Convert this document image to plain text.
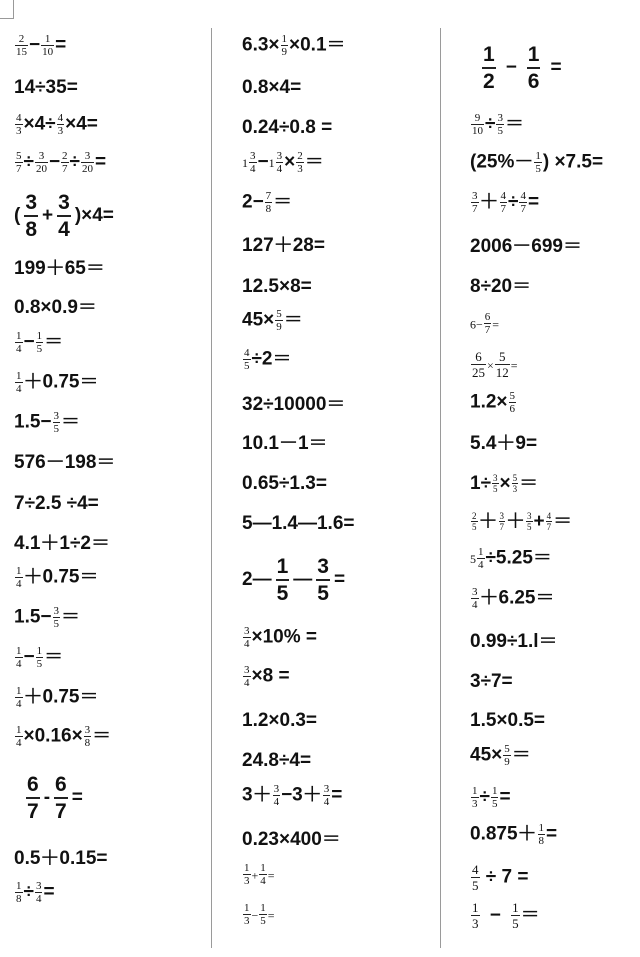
$\frac{2}{15} - \frac{1}{10}$ =
14÷35=
$\frac{4}{3} \times 4\div \frac{4}{3} \times 4=$
$\frac{5}{7} \div \frac{3}{20} - \frac{2}{7} \div \frac{3}{20}$ =
( $\frac{3}{8} + \frac{3}{4} )\times 4=$
199＋65＝
0.8×0.9＝
$\frac{1}{4} - \frac{1}{5}$ ＝
$\frac{1}{4} +0.75=$
$1.5- \frac{3}{5}$ ＝
576－198＝
7÷2.5 ÷4=
4.1＋1÷2＝
$\frac{1}{4} +0.75=$
$1.5- \frac{3}{5}$ ＝
$\frac{1}{4} - \frac{1}{5}$ ＝
$\frac{1}{4} +0.75=$
$\frac{1}{4} \times 0.16\times \frac{3}{8}$ ＝
$\frac{6}{7} - \frac{6}{7}$ =
0.5＋0.15=
$\frac{1}{8} \div \frac{3}{4}$ =
$6.3\times \frac{1}{9} \times 0.1=$
0.8×4=
0.24÷0.8 =
$1 \frac{3}{4} - 1 \frac{3}{4} \times \frac{2}{3}$ ＝
$2- \frac{7}{8}$ ＝
127＋28=
12.5×8=
$45\times \frac{5}{9}$ ＝
$\frac{4}{5} \div 2=$
32÷10000＝
10.1－1＝
0.65÷1.3=
5—1.4—1.6=
2— $\frac{1}{5}$ — $\frac{3}{5}$ =
$\frac{3}{4} \times 10\%$ =
$\frac{3}{4} \times 8$ =
1.2×0.3=
24.8÷4=
$3+ \frac{3}{4} -3+ \frac{3}{4}$ =
0.23×400＝
$\frac{1}{3} + \frac{1}{4}$ =
$\frac{1}{3} - \frac{1}{5}$ =
$\frac{1}{2} - \frac{1}{6}$ =
$\frac{9}{10} \div \frac{3}{5}$ ＝
($25\%- \frac{1}{5}$ ) ×7.5=
$\frac{3}{7} + \frac{4}{7} \div \frac{4}{7}$ =
2006－699＝
8÷20＝
$6- \frac{6}{7}$ =
$\frac{6}{25} \times \frac{5}{12}$ =
$1.2\times \frac{5}{6}$
5.4＋9=
$1\div \frac{3}{5} \times \frac{5}{3}$ ＝
$\frac{2}{5} + \frac{3}{7} + \frac{3}{5} + \frac{4}{7}$ ＝
$5 \frac{1}{4} \div 5.25=$
$\frac{3}{4} +6.25=$
0.99÷1.l＝
3÷7=
1.5×0.5=
$45\times \frac{5}{9}$ ＝
$\frac{1}{3} \div \frac{1}{5}$ =
$0.875+ \frac{1}{8}$ =
$\frac{4}{5} \div 7$ =
$\frac{1}{3} - \frac{1}{5}$ ＝
